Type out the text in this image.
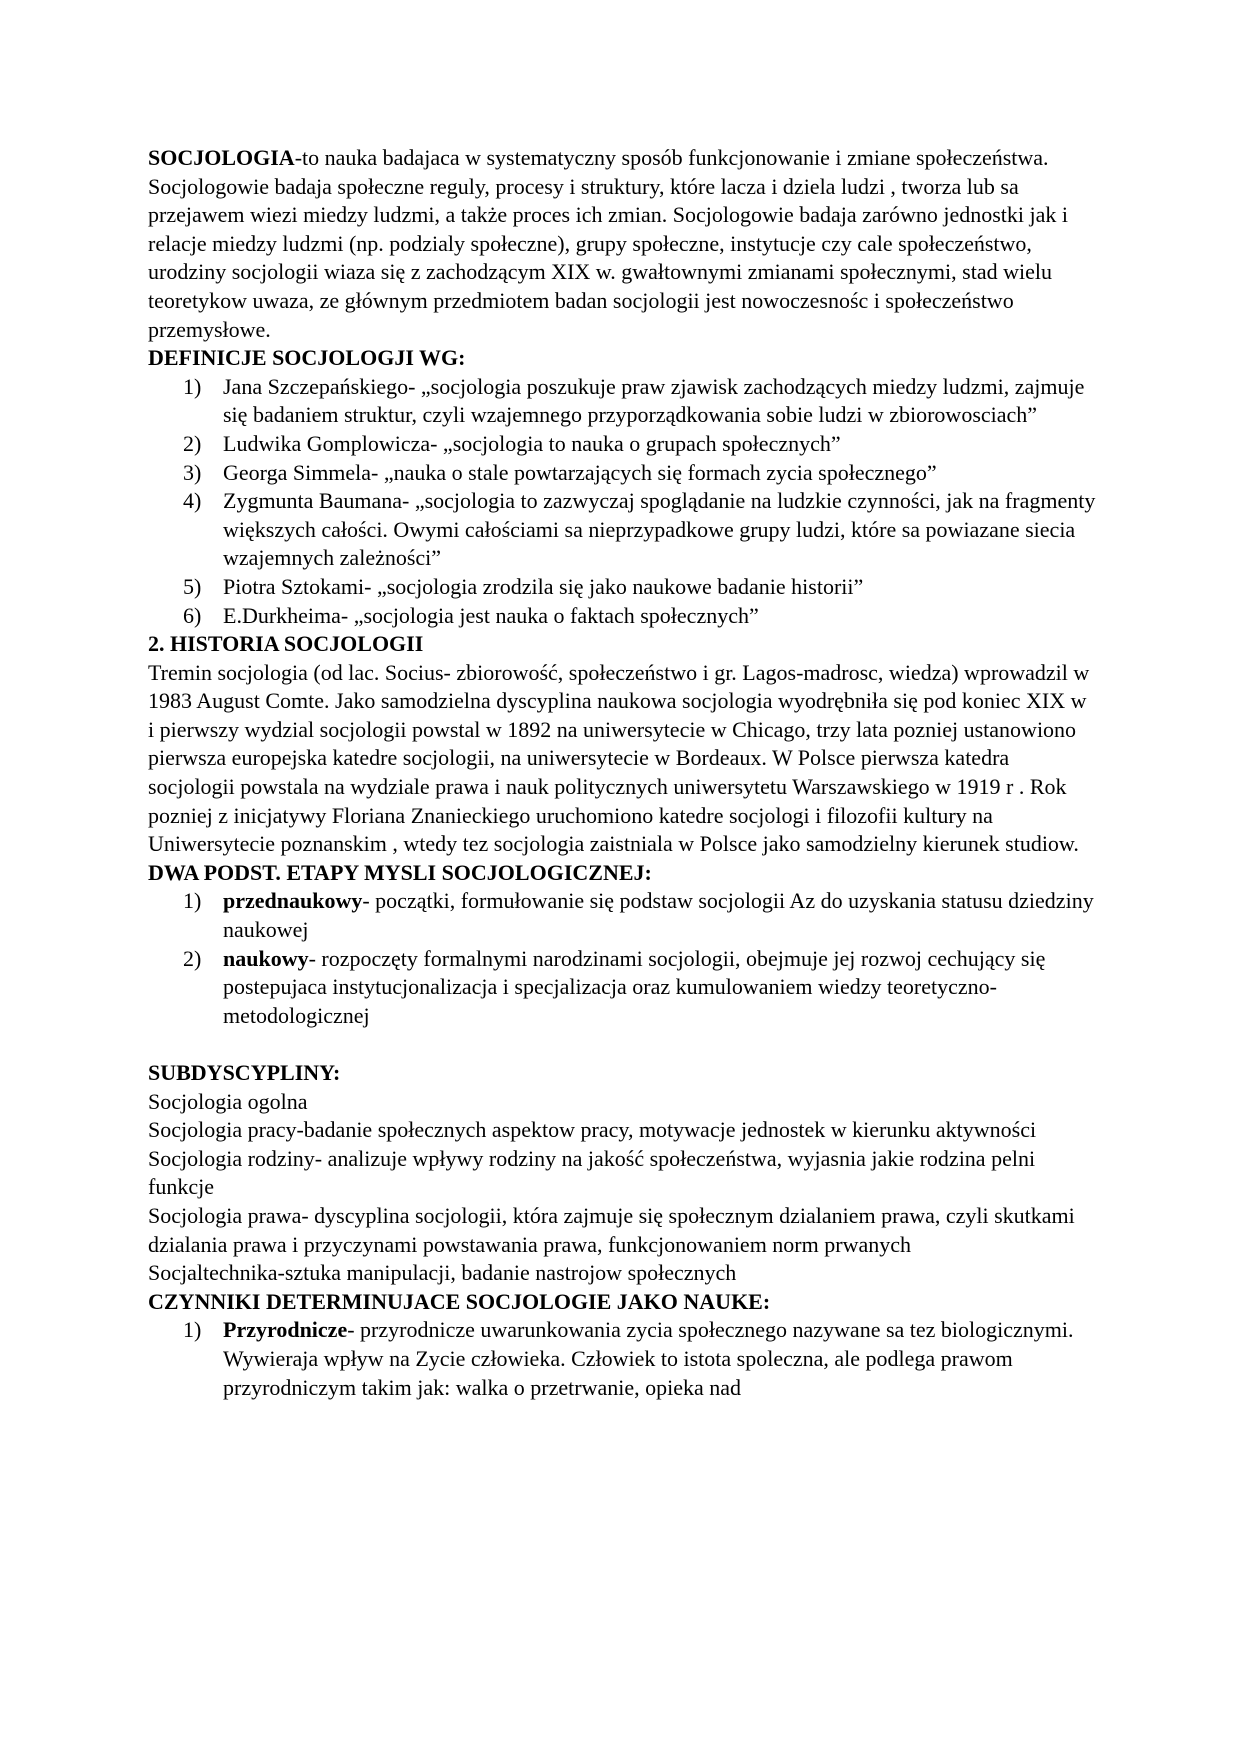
SOCJOLOGIA-to nauka badajaca w systematyczny sposób funkcjonowanie i zmiane społeczeństwa. Socjologowie badaja społeczne reguly, procesy i struktury, które lacza i dziela ludzi , tworza lub sa przejawem wiezi miedzy ludzmi, a także proces ich zmian. Socjologowie badaja zarówno jednostki jak i relacje miedzy ludzmi (np. podzialy społeczne), grupy społeczne, instytucje czy cale społeczeństwo, urodziny socjologii wiaza się z zachodzącym XIX w. gwałtownymi zmianami społecznymi, stad wielu teoretykow uwaza, ze głównym przedmiotem badan socjologii jest nowoczesnośc i społeczeństwo przemysłowe.

DEFINICJE SOCJOLOGJI WG:

1) Jana Szczepańskiego- „socjologia poszukuje praw zjawisk zachodzących miedzy ludzmi, zajmuje się badaniem struktur, czyli wzajemnego przyporządkowania sobie ludzi w zbiorowosciach”
2) Ludwika Gomplowicza- „socjologia to nauka o grupach społecznych”
3) Georga Simmela- „nauka o stale powtarzających się formach zycia społecznego”
4) Zygmunta Baumana- „socjologia to zazwyczaj spoglądanie na ludzkie czynności, jak na fragmenty większych całości. Owymi całościami sa nieprzypadkowe grupy ludzi, które sa powiazane siecia wzajemnych zależności”
5) Piotra Sztokami- „socjologia zrodzila się jako naukowe badanie historii”
6) E.Durkheima- „socjologia jest nauka o faktach społecznych”

2. HISTORIA SOCJOLOGII

Tremin socjologia (od lac. Socius- zbiorowość, społeczeństwo i gr. Lagos-madrosc, wiedza) wprowadzil w 1983 August Comte. Jako samodzielna dyscyplina naukowa socjologia wyodrębniła się pod koniec XIX w i pierwszy wydzial socjologii powstal w 1892 na uniwersytecie w Chicago, trzy lata pozniej ustanowiono pierwsza europejska katedre socjologii, na uniwersytecie w Bordeaux. W Polsce pierwsza katedra socjologii powstala na wydziale prawa i nauk politycznych uniwersytetu Warszawskiego w 1919 r . Rok pozniej z inicjatywy Floriana Znanieckiego uruchomiono katedre socjologi i filozofii kultury na Uniwersytecie poznanskim , wtedy tez socjologia zaistniala w Polsce jako samodzielny kierunek studiow.

DWA PODST. ETAPY MYSLI SOCJOLOGICZNEJ:

1) przednaukowy- początki, formułowanie się podstaw socjologii Az do uzyskania statusu dziedziny naukowej
2) naukowy- rozpoczęty formalnymi narodzinami socjologii, obejmuje jej rozwoj cechujący się postepujaca instytucjonalizacja i specjalizacja oraz kumulowaniem wiedzy teoretyczno-metodologicznej

SUBDYSCYPLINY:

Socjologia ogolna

Socjologia pracy-badanie społecznych aspektow pracy, motywacje jednostek w kierunku aktywności

Socjologia rodziny- analizuje wpływy rodziny na jakość społeczeństwa, wyjasnia jakie rodzina pelni funkcje

Socjologia prawa- dyscyplina socjologii, która zajmuje się społecznym dzialaniem prawa, czyli skutkami dzialania prawa i przyczynami powstawania prawa, funkcjonowaniem norm prwanych

Socjaltechnika-sztuka manipulacji, badanie nastrojow społecznych

CZYNNIKI DETERMINUJACE SOCJOLOGIE JAKO NAUKE:

1) Przyrodnicze- przyrodnicze uwarunkowania zycia społecznego nazywane sa tez biologicznymi. Wywieraja wpływ na Zycie człowieka. Człowiek to istota spoleczna, ale podlega prawom przyrodniczym takim jak: walka o przetrwanie, opieka nad
